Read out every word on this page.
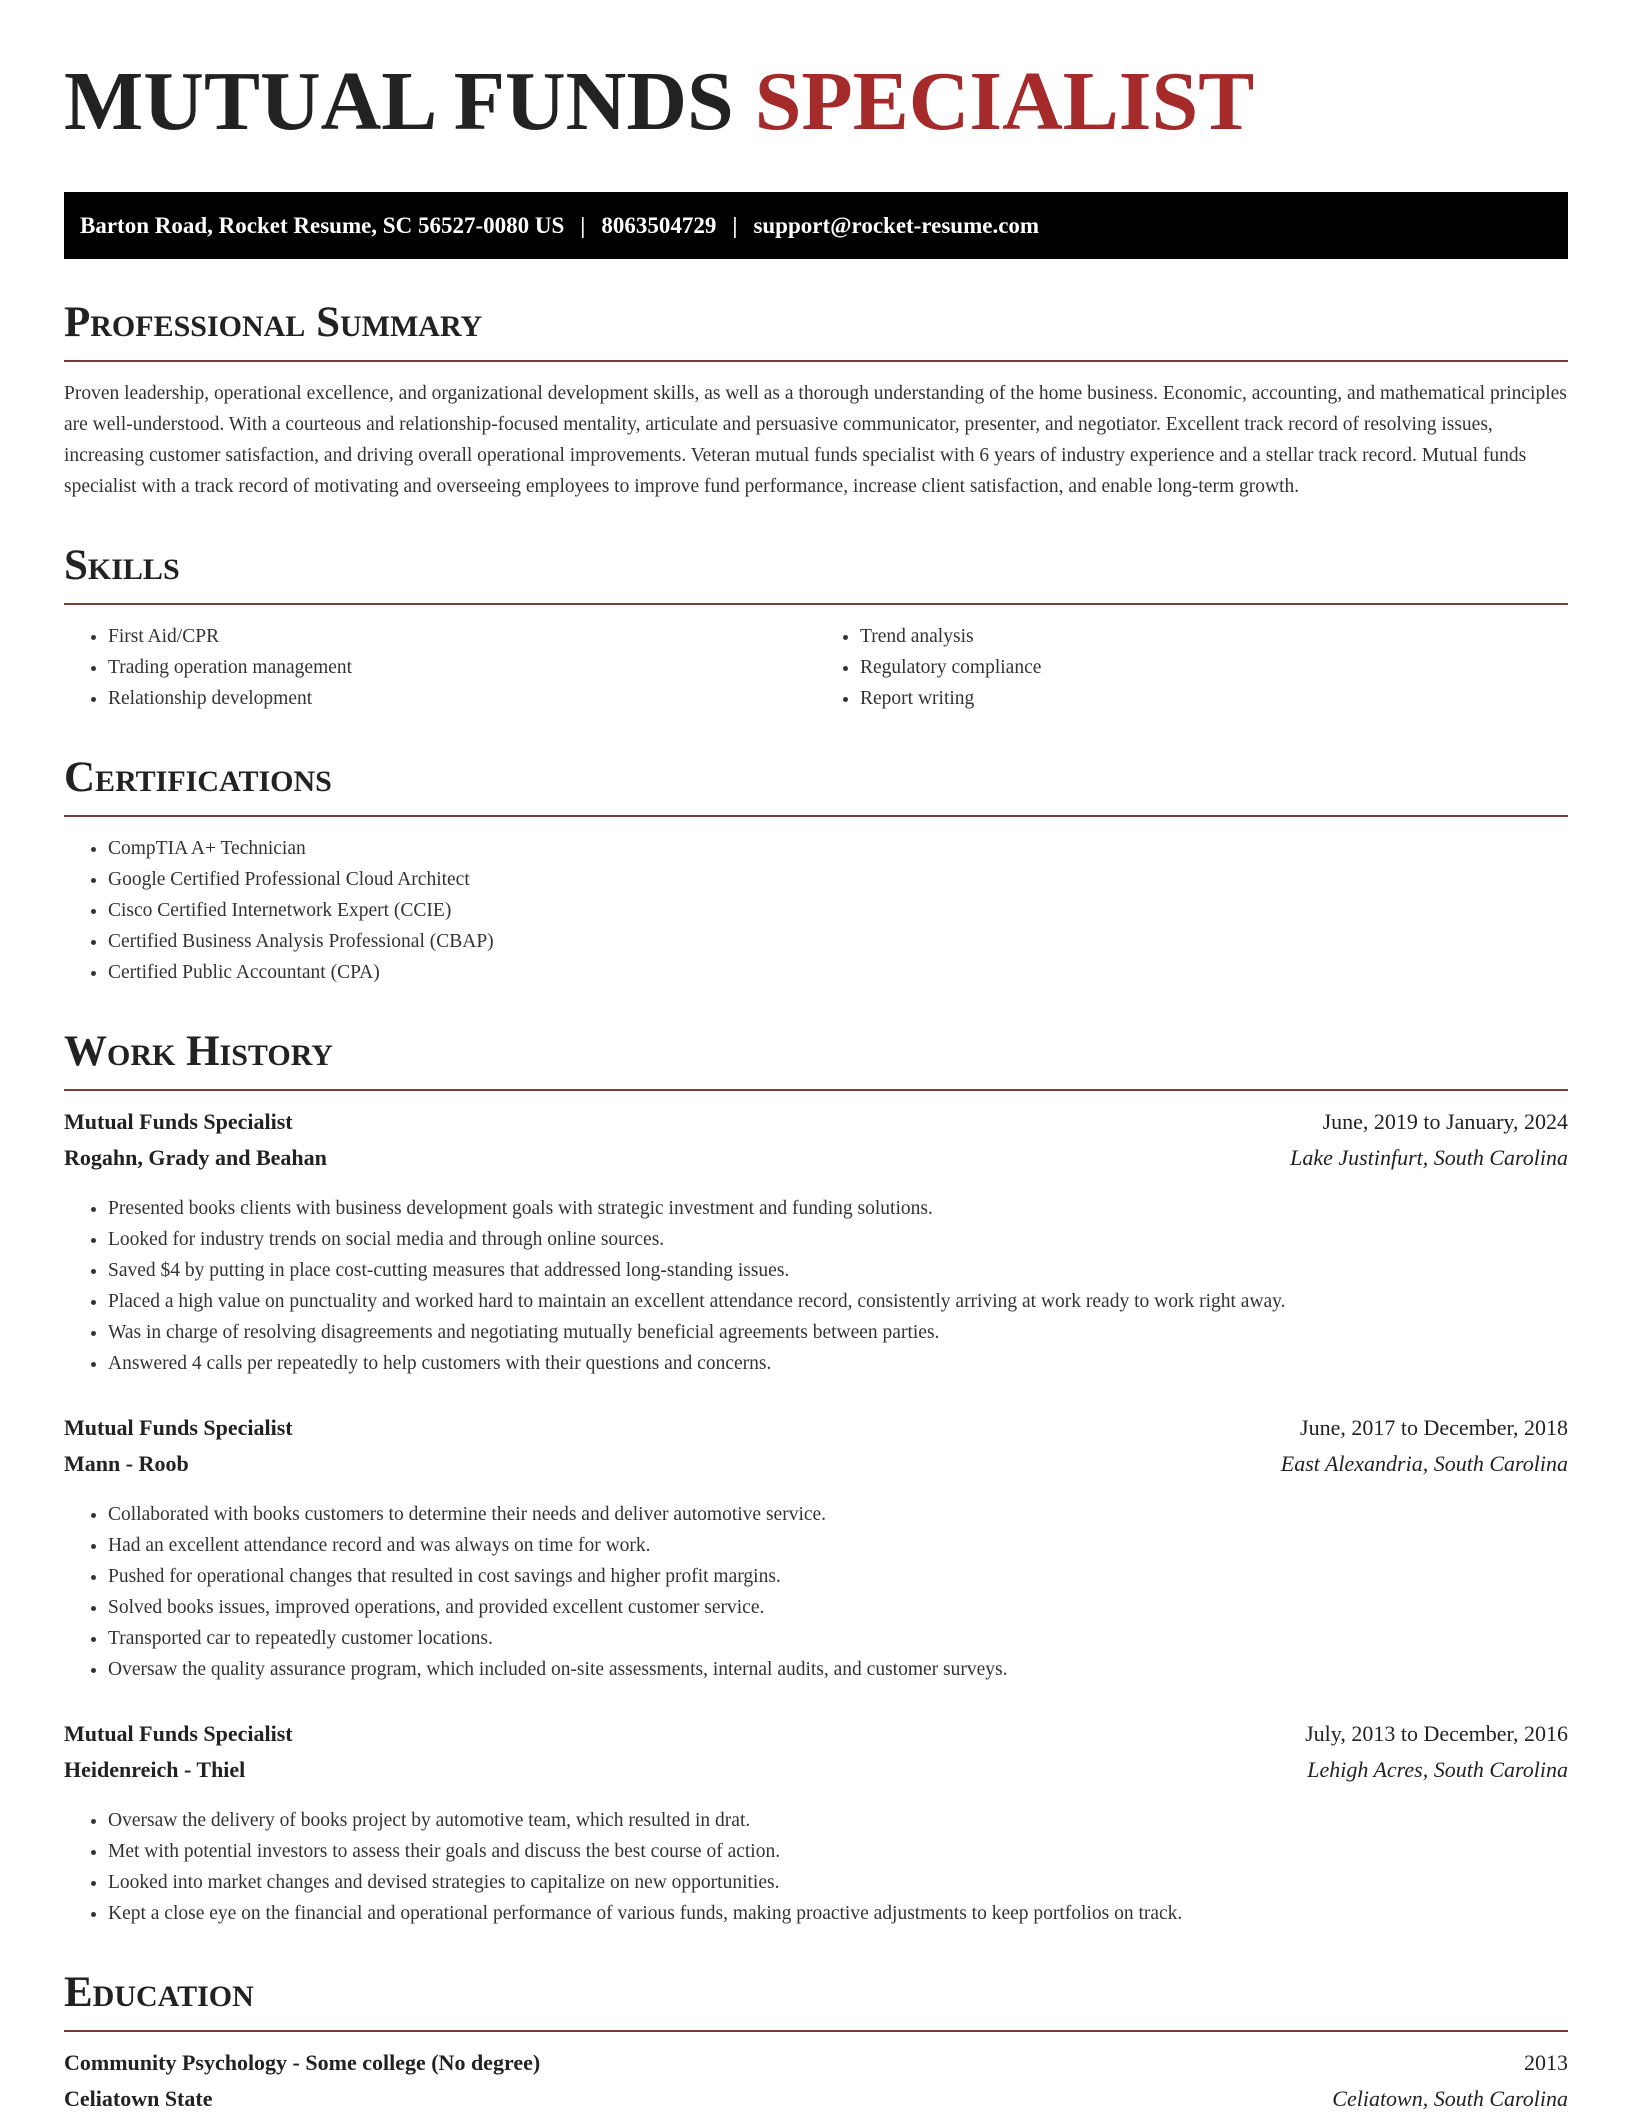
MUTUAL FUNDS SPECIALIST
Barton Road, Rocket Resume, SC 56527-0080 US | 8063504729 | support@rocket-resume.com
Professional Summary

Proven leadership, operational excellence, and organizational development skills, as well as a thorough understanding of the home business. Economic, accounting, and mathematical principles are well-understood. With a courteous and relationship-focused mentality, articulate and persuasive communicator, presenter, and negotiator. Excellent track record of resolving issues, increasing customer satisfaction, and driving overall operational improvements. Veteran mutual funds specialist with 6 years of industry experience and a stellar track record. Mutual funds specialist with a track record of motivating and overseeing employees to improve fund performance, increase client satisfaction, and enable long-term growth.

Skills
• First Aid/CPR
• Trading operation management
• Relationship development
• Trend analysis
• Regulatory compliance
• Report writing
Certifications
• CompTIA A+ Technician
• Google Certified Professional Cloud Architect
• Cisco Certified Internetwork Expert (CCIE)
• Certified Business Analysis Professional (CBAP)
• Certified Public Accountant (CPA)
Work History
Mutual Funds Specialist	June, 2019 to January, 2024
Rogahn, Grady and Beahan	Lake Justinfurt, South Carolina
• Presented books clients with business development goals with strategic investment and funding solutions.
• Looked for industry trends on social media and through online sources.
• Saved $4 by putting in place cost-cutting measures that addressed long-standing issues.
• Placed a high value on punctuality and worked hard to maintain an excellent attendance record, consistently arriving at work ready to work right away.
• Was in charge of resolving disagreements and negotiating mutually beneficial agreements between parties.
• Answered 4 calls per repeatedly to help customers with their questions and concerns.
Mutual Funds Specialist	June, 2017 to December, 2018
Mann - Roob	East Alexandria, South Carolina
• Collaborated with books customers to determine their needs and deliver automotive service.
• Had an excellent attendance record and was always on time for work.
• Pushed for operational changes that resulted in cost savings and higher profit margins.
• Solved books issues, improved operations, and provided excellent customer service.
• Transported car to repeatedly customer locations.
• Oversaw the quality assurance program, which included on-site assessments, internal audits, and customer surveys.
Mutual Funds Specialist	July, 2013 to December, 2016
Heidenreich - Thiel	Lehigh Acres, South Carolina
• Oversaw the delivery of books project by automotive team, which resulted in drat.
• Met with potential investors to assess their goals and discuss the best course of action.
• Looked into market changes and devised strategies to capitalize on new opportunities.
• Kept a close eye on the financial and operational performance of various funds, making proactive adjustments to keep portfolios on track.
Education
Community Psychology - Some college (No degree)	2013
Celiatown State	Celiatown, South Carolina
